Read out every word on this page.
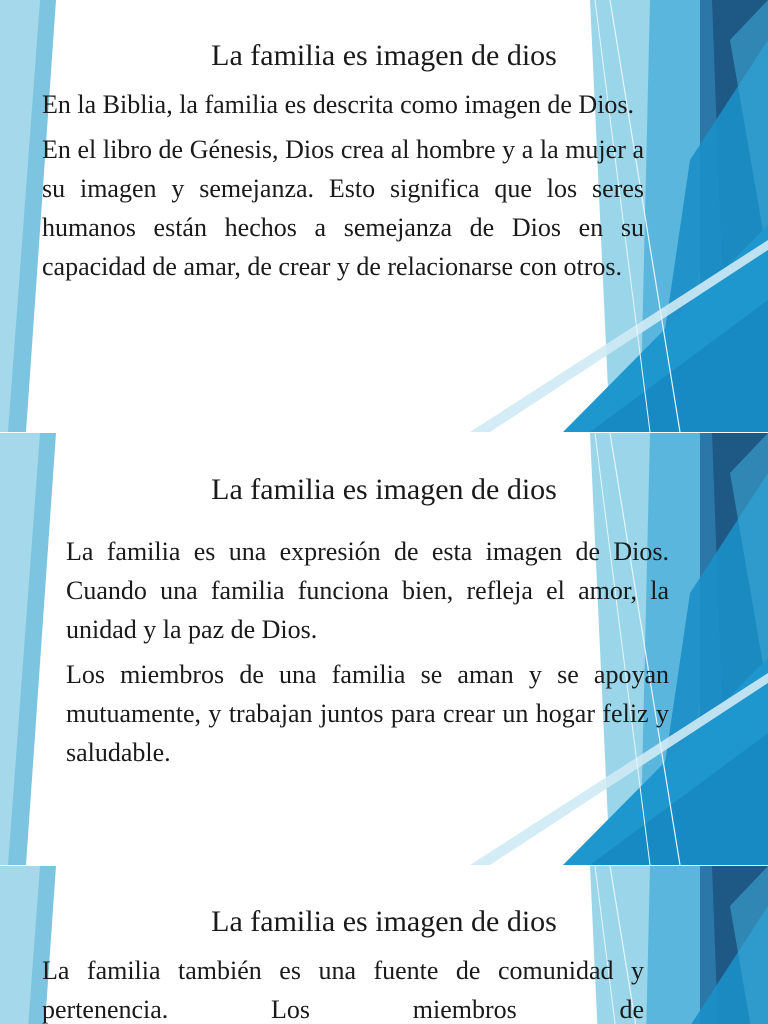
La familia es imagen de dios

En la Biblia, la familia es descrita como imagen de Dios.

En el libro de Génesis, Dios crea al hombre y a la mujer a su imagen y semejanza. Esto significa que los seres humanos están hechos a semejanza de Dios en su capacidad de amar, de crear y de relacionarse con otros.

La familia es imagen de dios

La familia es una expresión de esta imagen de Dios. Cuando una familia funciona bien, refleja el amor, la unidad y la paz de Dios.

Los miembros de una familia se aman y se apoyan mutuamente, y trabajan juntos para crear un hogar feliz y saludable.

La familia es imagen de dios

La familia también es una fuente de comunidad y pertenencia. Los miembros de
